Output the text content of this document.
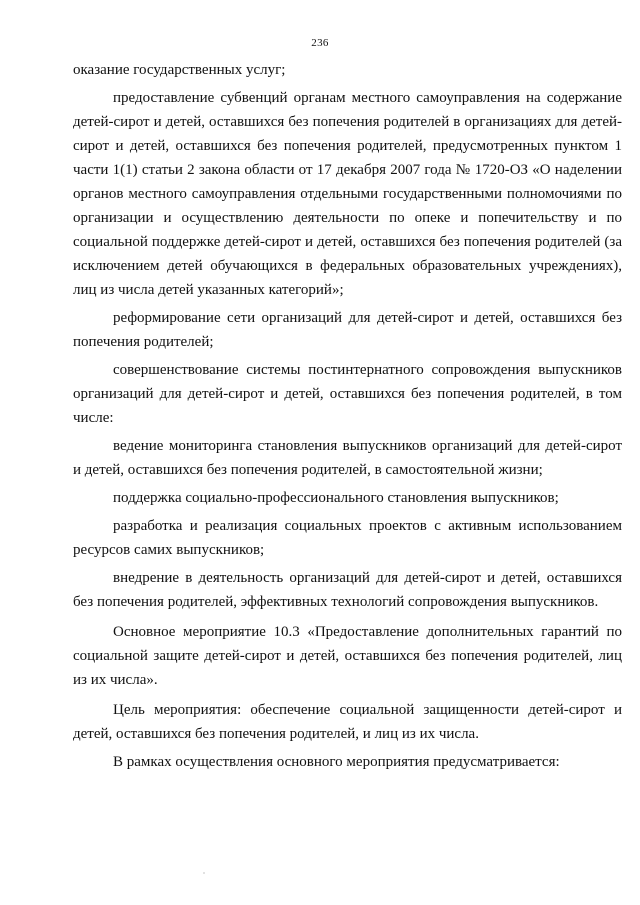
236

оказание государственных услуг;

предоставление субвенций органам местного самоуправления на содержание детей-сирот и детей, оставшихся без попечения родителей в организациях для детей-сирот и детей, оставшихся без попечения родителей, предусмотренных пунктом 1 части 1(1) статьи 2 закона области от 17 декабря 2007 года № 1720-ОЗ «О наделении органов местного самоуправления отдельными государственными полномочиями по организации и осуществлению деятельности по опеке и попечительству и по социальной поддержке детей-сирот и детей, оставшихся без попечения родителей (за исключением детей обучающихся в федеральных образовательных учреждениях), лиц из числа детей указанных категорий»;

реформирование сети организаций для детей-сирот и детей, оставшихся без попечения родителей;

совершенствование системы постинтернатного сопровождения выпускников организаций для детей-сирот и детей, оставшихся без попечения родителей, в том числе:

ведение мониторинга становления выпускников организаций для детей-сирот и детей, оставшихся без попечения родителей, в самостоятельной жизни;

поддержка социально-профессионального становления выпускников;

разработка и реализация социальных проектов с активным использованием ресурсов самих выпускников;

внедрение в деятельность организаций для детей-сирот и детей, оставшихся без попечения родителей, эффективных технологий сопровождения выпускников.

Основное мероприятие 10.3 «Предоставление дополнительных гарантий по социальной защите детей-сирот и детей, оставшихся без попечения родителей, лиц из их числа».

Цель мероприятия: обеспечение социальной защищенности детей-сирот и детей, оставшихся без попечения родителей, и лиц из их числа.

В рамках осуществления основного мероприятия предусматривается:
